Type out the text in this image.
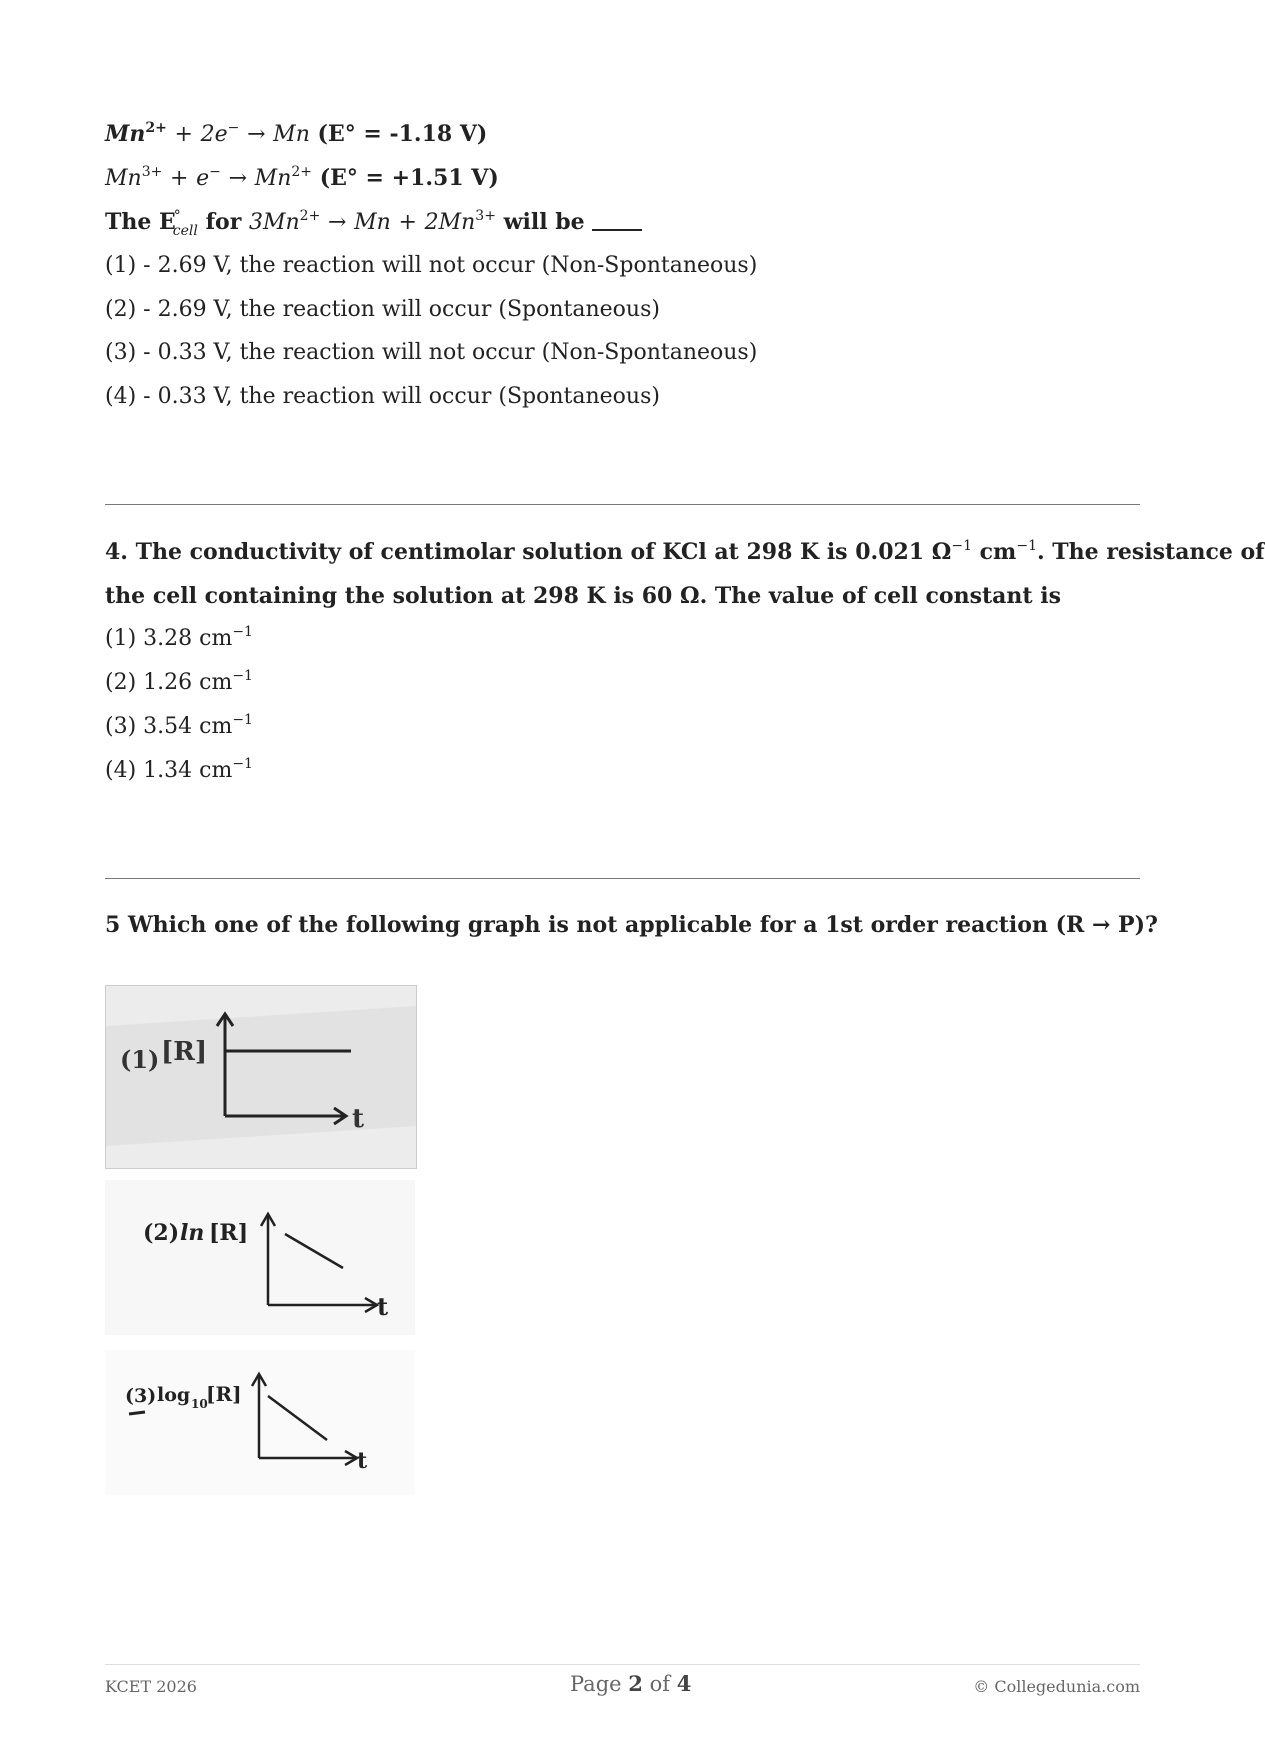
$Mn^{2+} + 2e^- \to Mn$ (E° = -1.18 V)
$Mn^{3+} + e^- \to Mn^{2+}$ (E° = +1.51 V)
The $E^\circ_{cell}$ for $3Mn^{2+} \to Mn + 2Mn^{3+}$ will be
(1) - 2.69 V, the reaction will not occur (Non-Spontaneous)
(2) - 2.69 V, the reaction will occur (Spontaneous)
(3) - 0.33 V, the reaction will not occur (Non-Spontaneous)
(4) - 0.33 V, the reaction will occur (Spontaneous)
4. The conductivity of centimolar solution of KCl at 298 K is 0.021 $\Omega^{-1}$ $cm^{-1}$. The resistance of
the cell containing the solution at 298 K is 60 Ω. The value of cell constant is
(1) 3.28 $cm^{-1}$
(2) 1.26 $cm^{-1}$
(3) 3.54 $cm^{-1}$
(4) 1.34 $cm^{-1}$
5 Which one of the following graph is not applicable for a 1st order reaction (R → P)?
(1) [R]
t
(2) ln [R]
t
(3) log 10
[R]
t
KCET 2026	Page 2 of 4	© Collegedunia.com
